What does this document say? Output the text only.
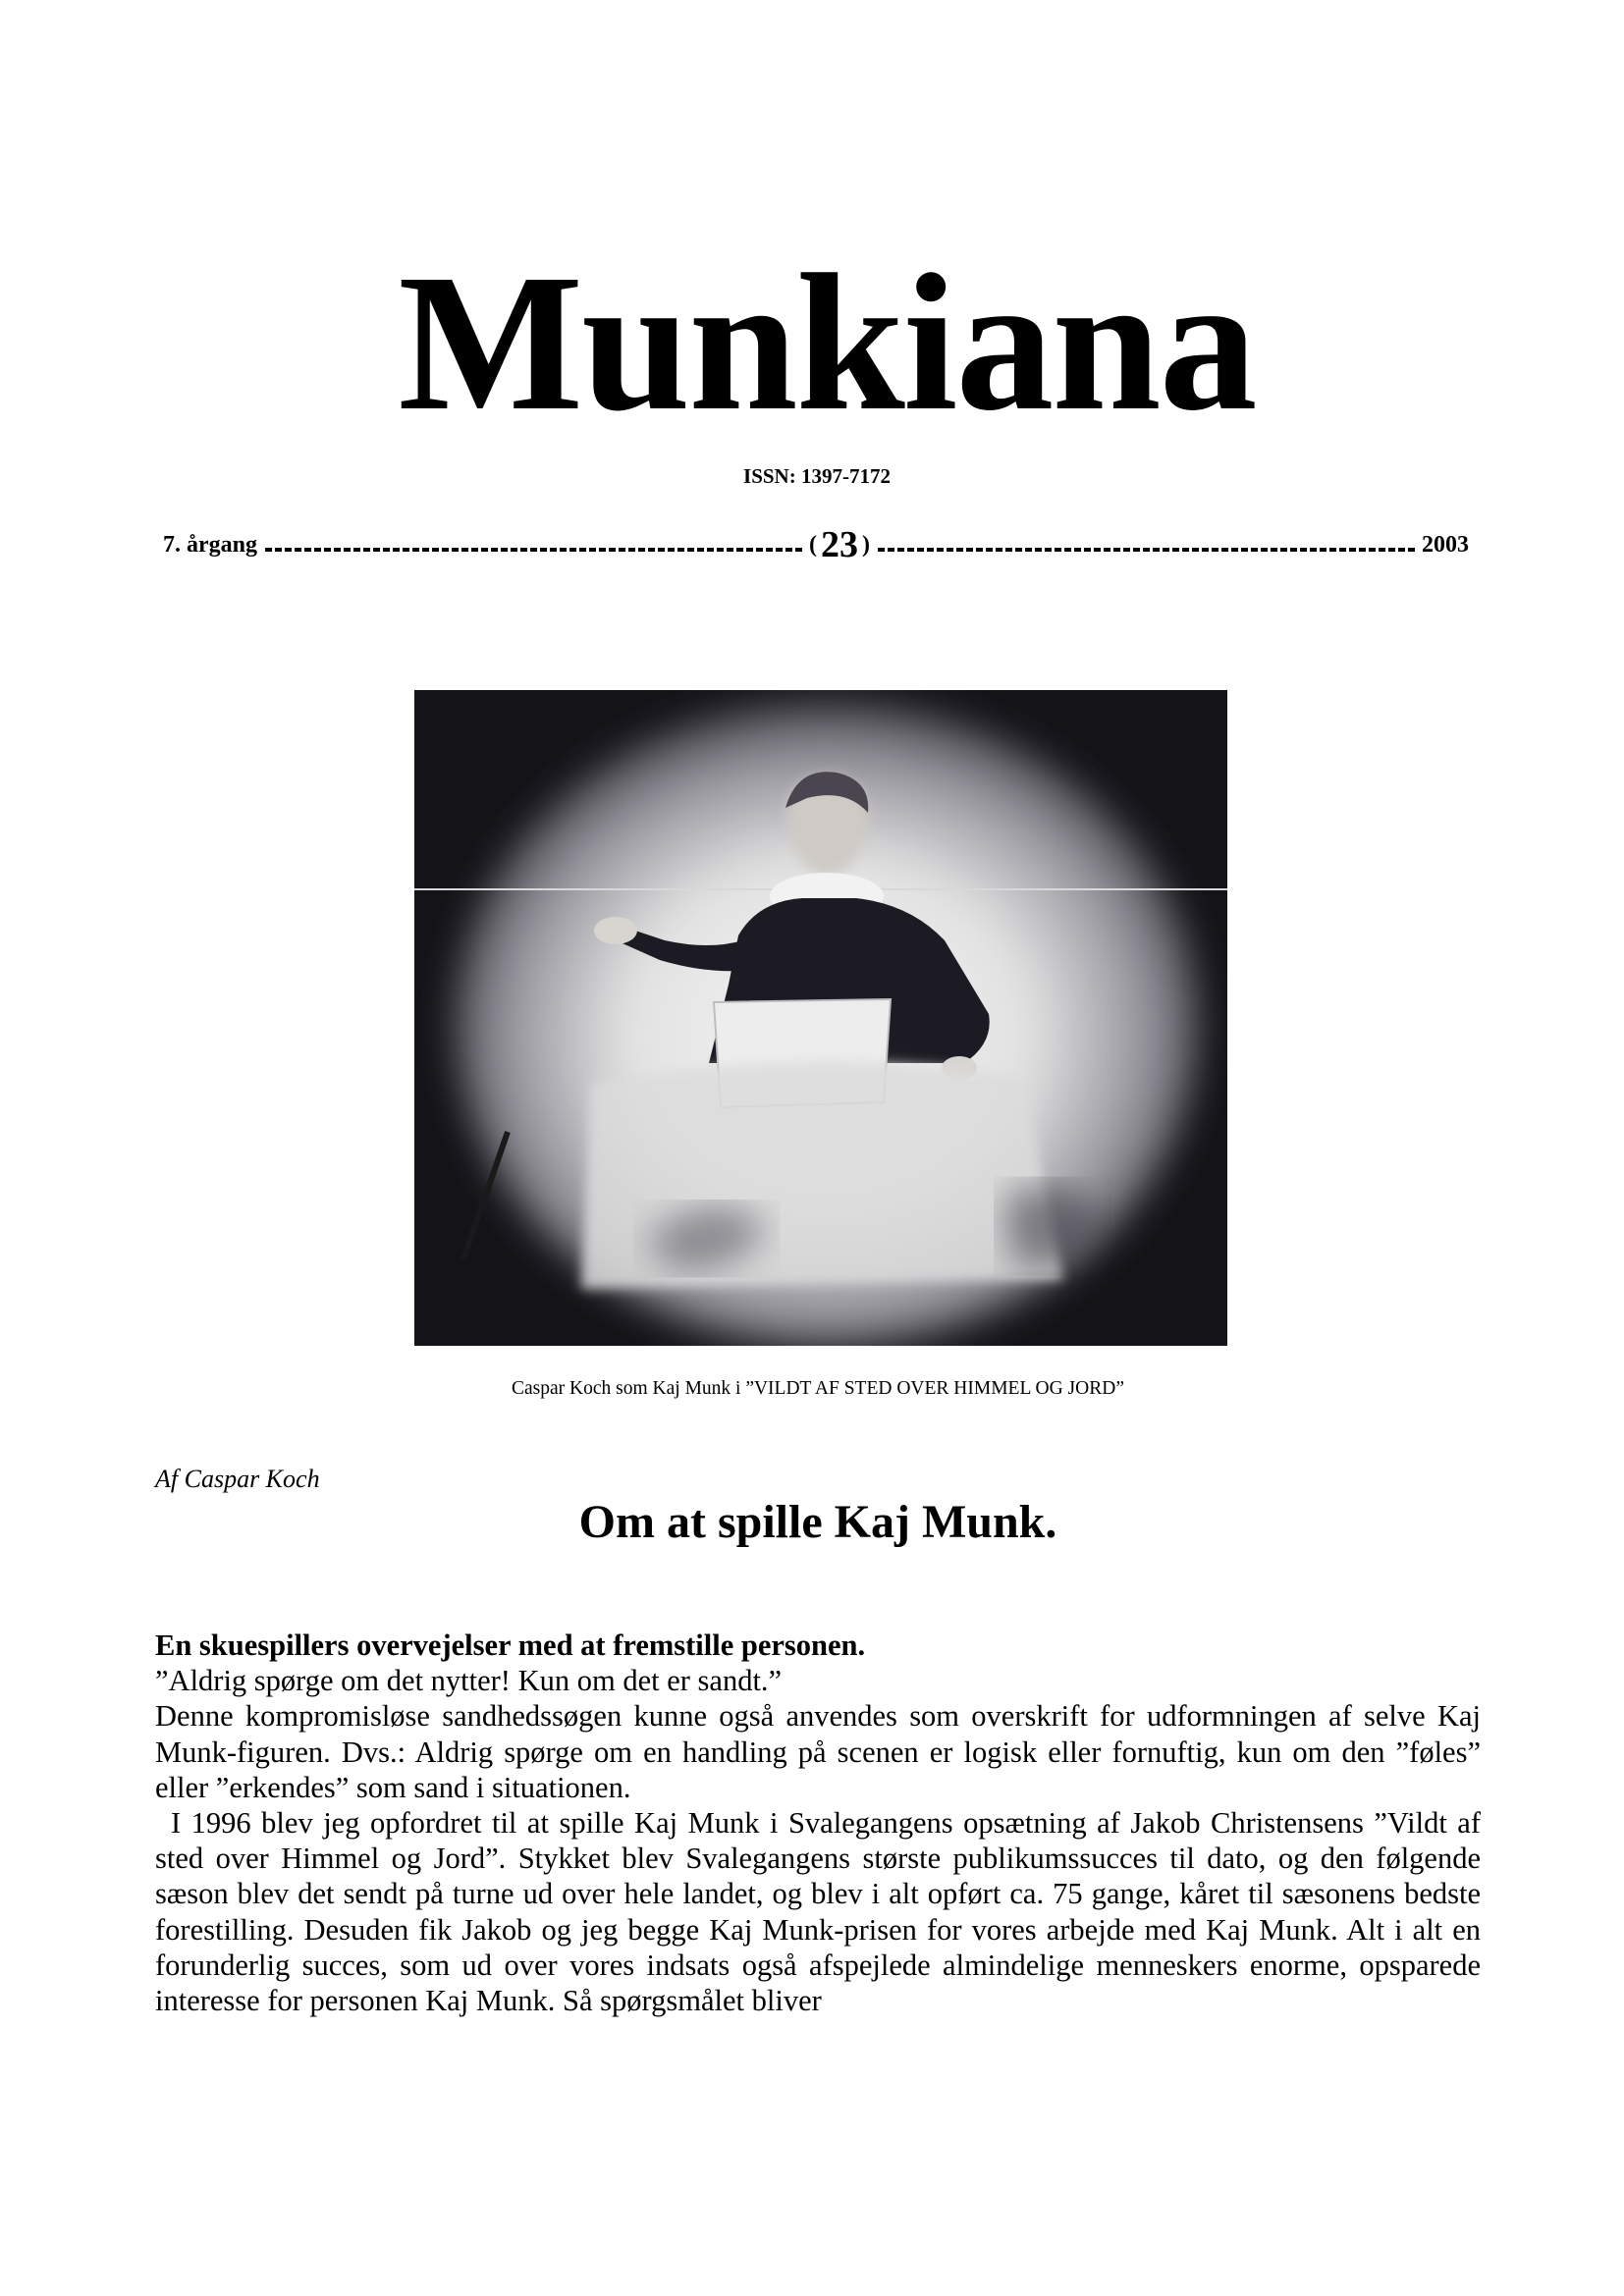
Munkiana
ISSN: 1397-7172
7. årgang	( 23 )	2003
Caspar Koch som Kaj Munk i ”VILDT AF STED OVER HIMMEL OG JORD”
Af Caspar Koch
Om at spille Kaj Munk.

En skuespillers overvejelser med at fremstille personen.

”Aldrig spørge om det nytter! Kun om det er sandt.”

Denne kompromisløse sandhedssøgen kunne også anvendes som overskrift for udformningen af selve Kaj Munk-figuren. Dvs.: Aldrig spørge om en handling på scenen er logisk eller fornuftig, kun om den ”føles” eller ”erkendes” som sand i situationen.

I 1996 blev jeg opfordret til at spille Kaj Munk i Svalegangens opsætning af Jakob Christensens ”Vildt af sted over Himmel og Jord”. Stykket blev Svalegangens største publikumssucces til dato, og den følgende sæson blev det sendt på turne ud over hele landet, og blev i alt opført ca. 75 gange, kåret til sæsonens bedste forestilling. Desuden fik Jakob og jeg begge Kaj Munk-prisen for vores arbejde med Kaj Munk. Alt i alt en forunderlig succes, som ud over vores indsats også afspejlede almindelige menneskers enorme, opsparede interesse for personen Kaj Munk. Så spørgsmålet bliver
